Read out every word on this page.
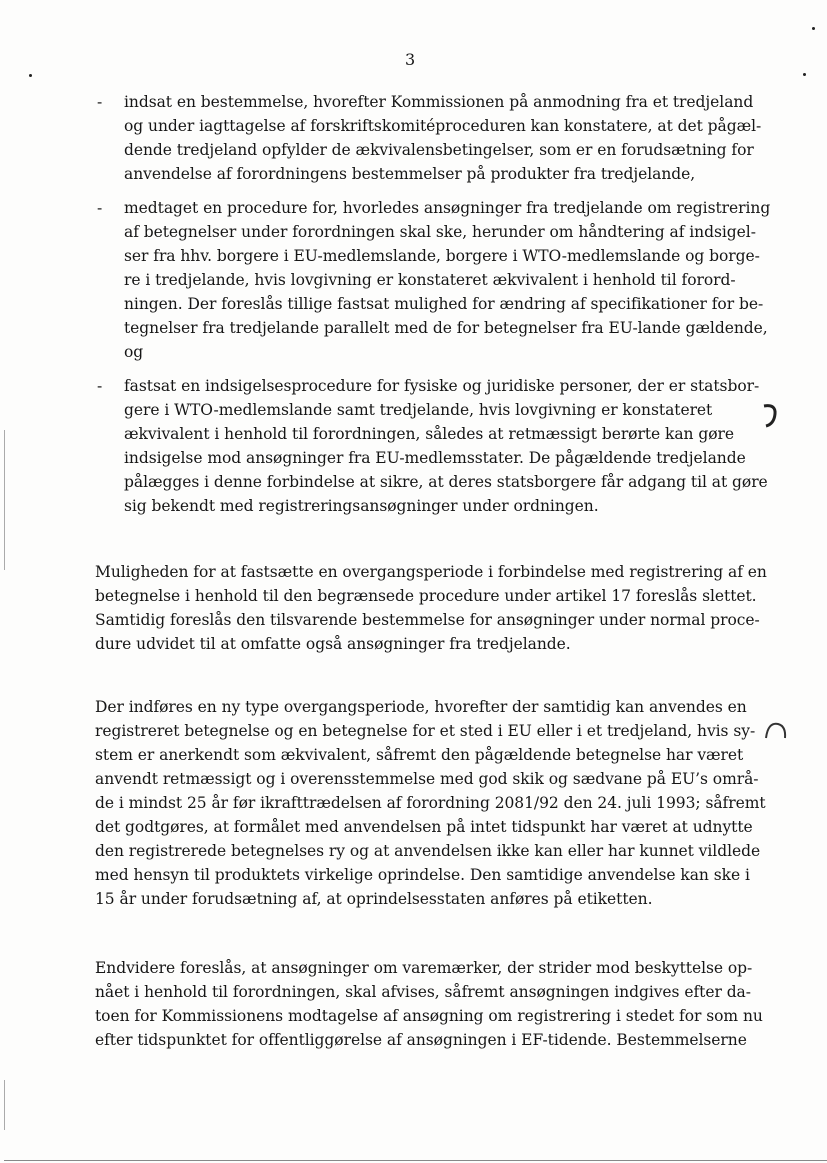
3
- indsat en bestemmelse, hvorefter Kommissionen på anmodning fra et tredjeland
og under iagttagelse af forskriftskomitéproceduren kan konstatere, at det pågæl-
dende tredjeland opfylder de ækvivalensbetingelser, som er en forudsætning for
anvendelse af forordningens bestemmelser på produkter fra tredjelande,
- medtaget en procedure for, hvorledes ansøgninger fra tredjelande om registrering
af betegnelser under forordningen skal ske, herunder om håndtering af indsigel-
ser fra hhv. borgere i EU-medlemslande, borgere i WTO-medlemslande og borge-
re i tredjelande, hvis lovgivning er konstateret ækvivalent i henhold til forord-
ningen. Der foreslås tillige fastsat mulighed for ændring af specifikationer for be-
tegnelser fra tredjelande parallelt med de for betegnelser fra EU-lande gældende,
og
- fastsat en indsigelsesprocedure for fysiske og juridiske personer, der er statsbor-
gere i WTO-medlemslande samt tredjelande, hvis lovgivning er konstateret
ækvivalent i henhold til forordningen, således at retmæssigt berørte kan gøre
indsigelse mod ansøgninger fra EU-medlemsstater. De pågældende tredjelande
pålægges i denne forbindelse at sikre, at deres statsborgere får adgang til at gøre
sig bekendt med registreringsansøgninger under ordningen.
Muligheden for at fastsætte en overgangsperiode i forbindelse med registrering af en
betegnelse i henhold til den begrænsede procedure under artikel 17 foreslås slettet.
Samtidig foreslås den tilsvarende bestemmelse for ansøgninger under normal proce-
dure udvidet til at omfatte også ansøgninger fra tredjelande.
Der indføres en ny type overgangsperiode, hvorefter der samtidig kan anvendes en
registreret betegnelse og en betegnelse for et sted i EU eller i et tredjeland, hvis sy-
stem er anerkendt som ækvivalent, såfremt den pågældende betegnelse har været
anvendt retmæssigt og i overensstemmelse med god skik og sædvane på EU’s områ-
de i mindst 25 år før ikrafttrædelsen af forordning 2081/92 den 24. juli 1993; såfremt
det godtgøres, at formålet med anvendelsen på intet tidspunkt har været at udnytte
den registrerede betegnelses ry og at anvendelsen ikke kan eller har kunnet vildlede
med hensyn til produktets virkelige oprindelse. Den samtidige anvendelse kan ske i
15 år under forudsætning af, at oprindelsesstaten anføres på etiketten.
Endvidere foreslås, at ansøgninger om varemærker, der strider mod beskyttelse op-
nået i henhold til forordningen, skal afvises, såfremt ansøgningen indgives efter da-
toen for Kommissionens modtagelse af ansøgning om registrering i stedet for som nu
efter tidspunktet for offentliggørelse af ansøgningen i EF-tidende. Bestemmelserne
